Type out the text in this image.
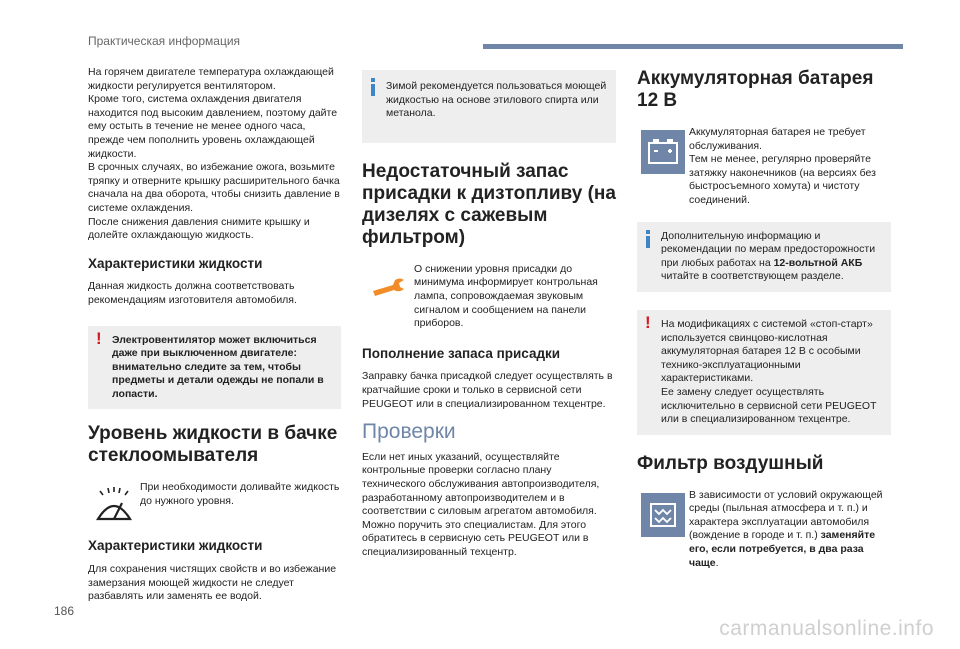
Практическая информация

На горячем двигателе температура охлаждающей жидкости регулируется вентилятором.
Кроме того, система охлаждения двигателя находится под высоким давлением, поэтому дайте ему остыть в течение не менее одного часа, прежде чем пополнить уровень охлаждающей жидкости.
В срочных случаях, во избежание ожога, возьмите тряпку и отверните крышку расширительного бачка сначала на два оборота, чтобы снизить давление в системе охлаждения.
После снижения давления снимите крышку и долейте охлаждающую жидкость.

Характеристики жидкости

Данная жидкость должна соответствовать рекомендациям изготовителя автомобиля.

! Электровентилятор может включиться даже при выключенном двигателе: внимательно следите за тем, чтобы предметы и детали одежды не попали в лопасти.
Уровень жидкости в бачке стеклоомывателя
При необходимости доливайте жидкость до нужного уровня.
Характеристики жидкости

Для сохранения чистящих свойств и во избежание замерзания моющей жидкости не следует разбавлять или заменять ее водой.

Зимой рекомендуется пользоваться моющей жидкостью на основе этилового спирта или метанола.
Недостаточный запас присадки к дизтопливу (на дизелях с сажевым фильтром)
О снижении уровня присадки до минимума информирует контрольная лампа, сопровождаемая звуковым сигналом и сообщением на панели приборов.
Пополнение запаса присадки

Заправку бачка присадкой следует осуществлять в кратчайшие сроки и только в сервисной сети PEUGEOT или в специализированном техцентре.

Проверки

Если нет иных указаний, осуществляйте контрольные проверки согласно плану технического обслуживания автопроизводителя, разработанному автопроизводителем и в соответствии с силовым агрегатом автомобиля. Можно поручить это специалистам. Для этого обратитесь в сервисную сеть PEUGEOT или в специализированный техцентр.

Аккумуляторная батарея 12 В
Аккумуляторная батарея не требует обслуживания.
Тем не менее, регулярно проверяйте затяжку наконечников (на версиях без быстросъемного хомута) и чистоту соединений.
Дополнительную информацию и рекомендации по мерам предосторожности при любых работах на 12-вольтной АКБ читайте в соответствующем разделе.
! На модификациях с системой «стоп-старт» используется свинцово-кислотная аккумуляторная батарея 12 В с особыми технико-эксплуатационными характеристиками.
Ее замену следует осуществлять исключительно в сервисной сети PEUGEOT или в специализированном техцентре.
Фильтр воздушный
В зависимости от условий окружающей среды (пыльная атмосфера и т. п.) и характера эксплуатации автомобиля (вождение в городе и т. п.) заменяйте его, если потребуется, в два раза чаще.
186
carmanualsonline.info
